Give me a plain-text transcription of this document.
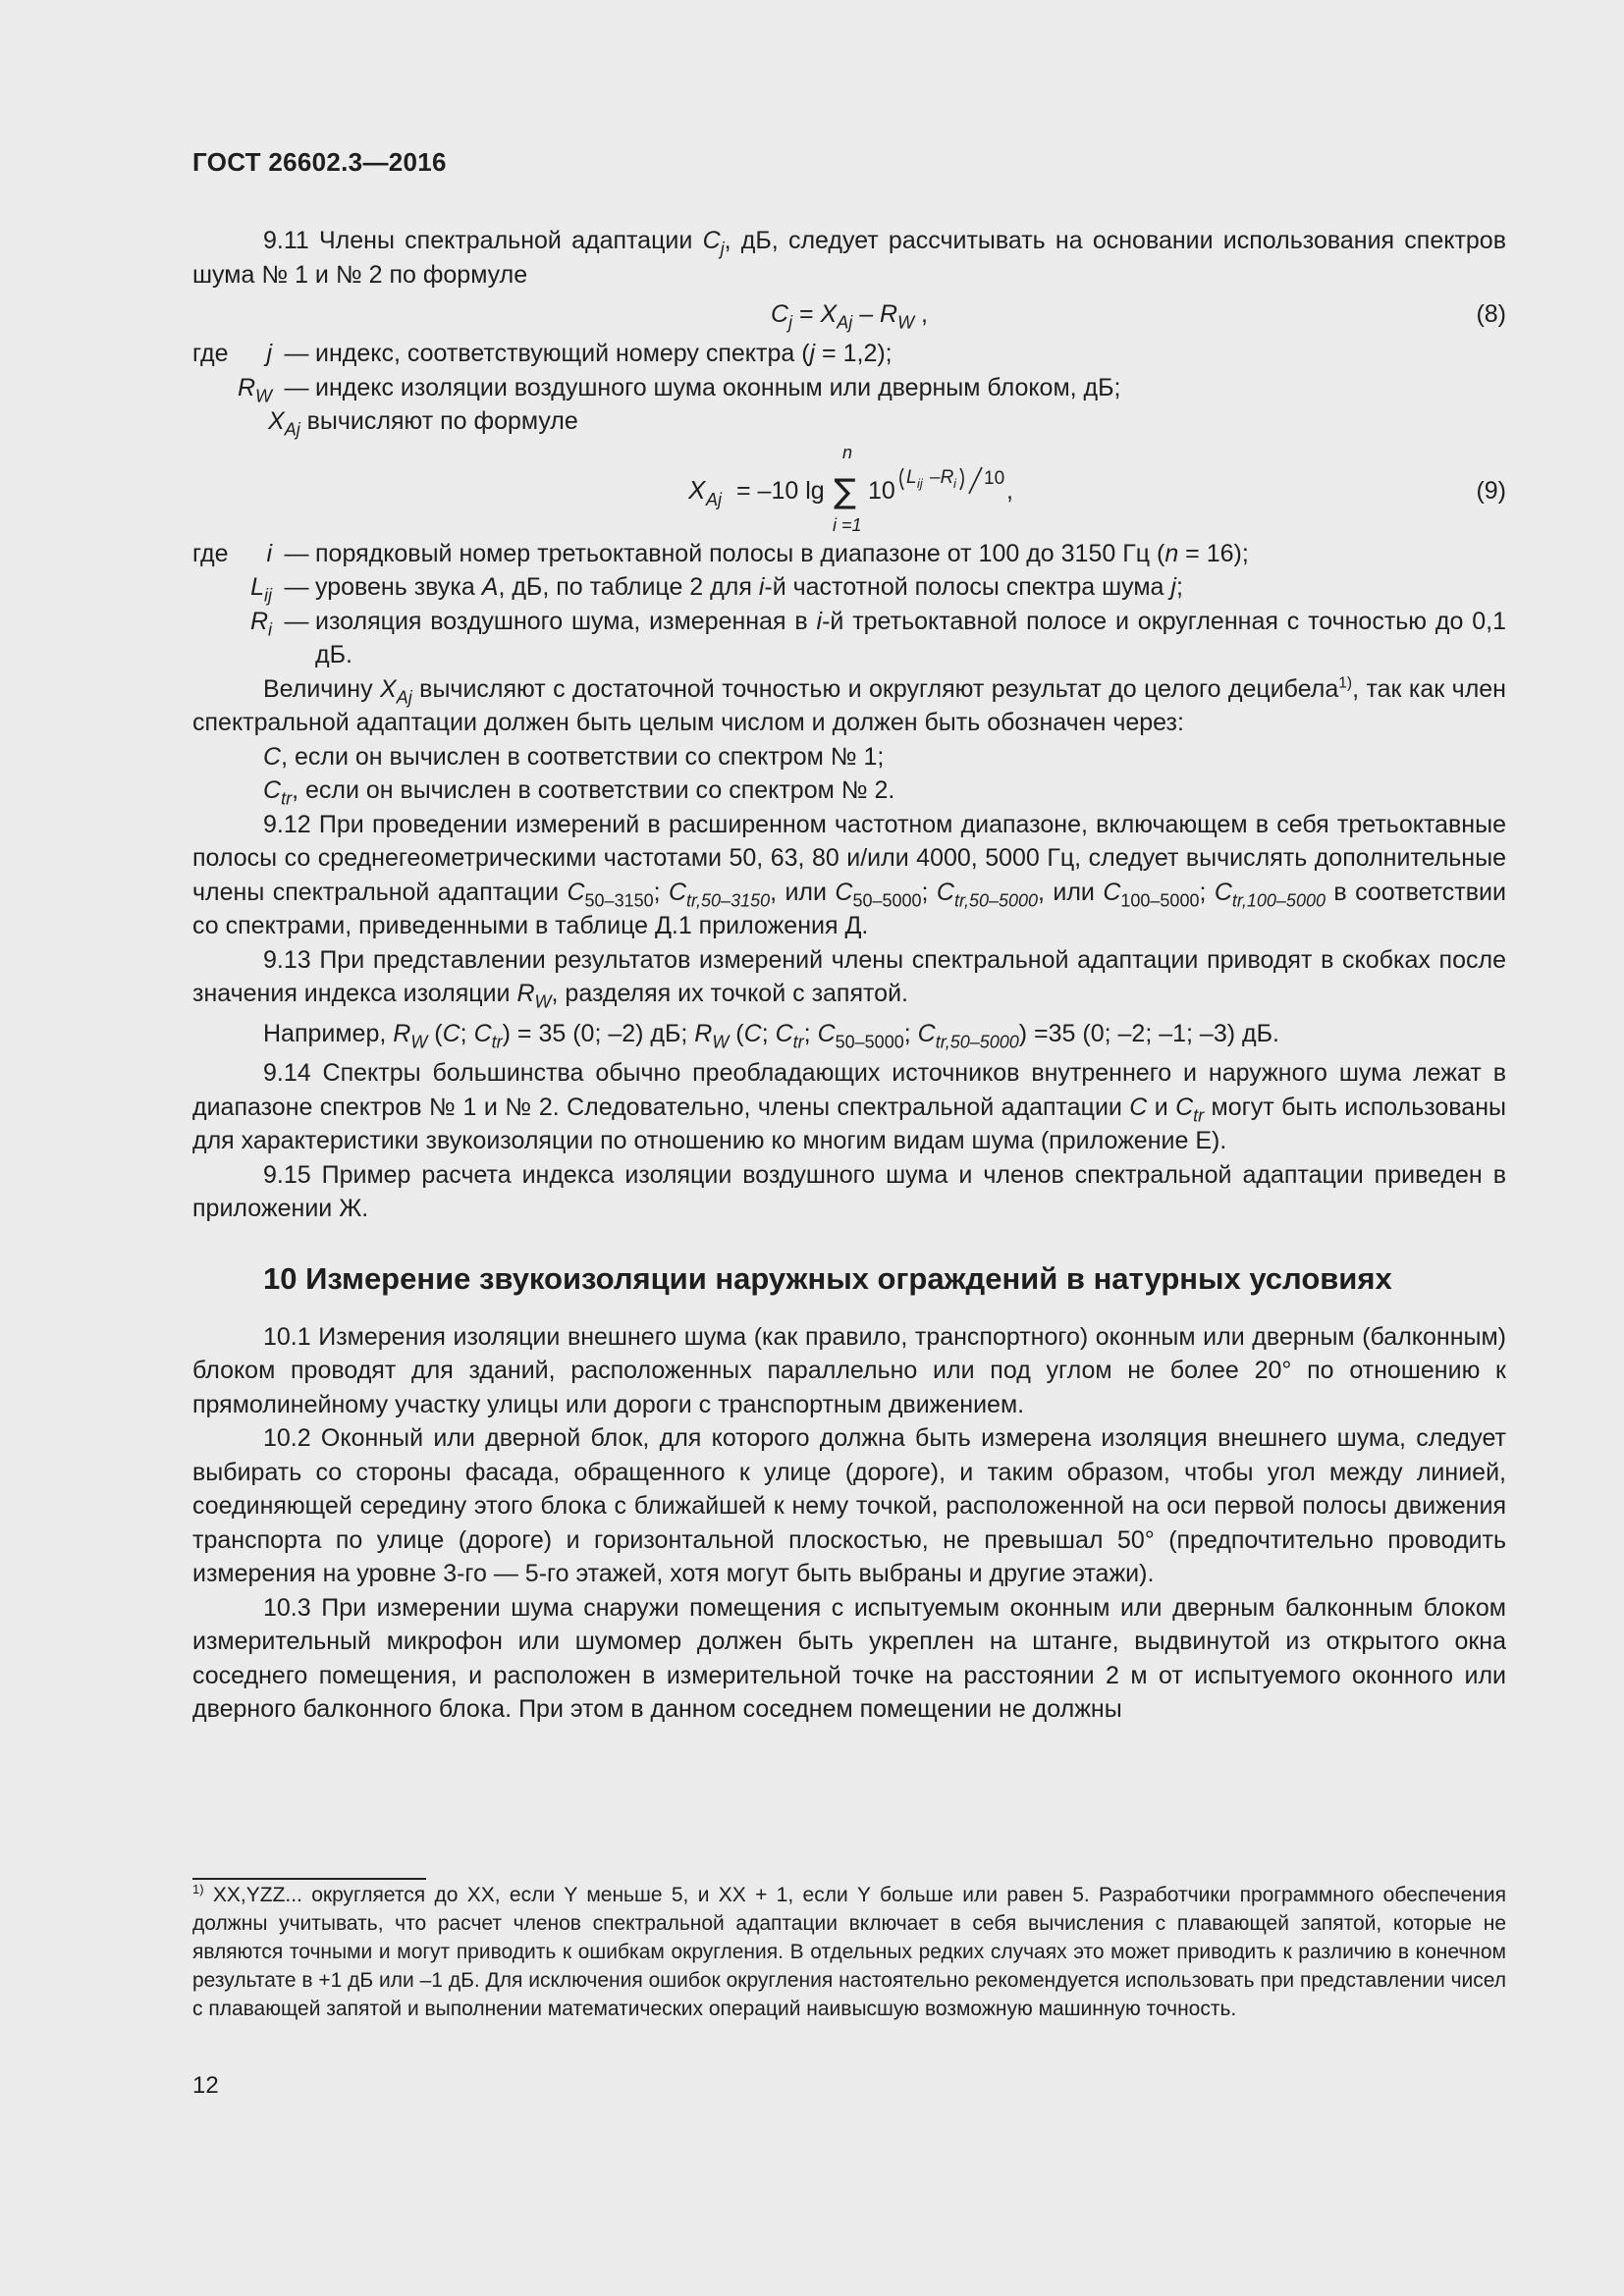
ГОСТ 26602.3—2016

9.11 Члены спектральной адаптации $C_j$, дБ, следует рассчитывать на основании использования спектров шума № 1 и № 2 по формуле

$C_j = X_{Aj} - R_W$ ,	(8)
где	j	—	индекс, соответствующий номеру спектра (j = 1,2);
	$R_W$	—	индекс изоляции воздушного шума оконным или дверным блоком, дБ;
	$X_{Aj}$ вычисляют по формуле		
X Aj = –10 lg
n
∑
i =1
10 L ij –R i 10 ,	(9)
где	i	—	порядковый номер третьоктавной полосы в диапазоне от 100 до 3150 Гц (n = 16);
	$L_{ij}$	—	уровень звука A, дБ, по таблице 2 для i-й частотной полосы спектра шума j;
	$R_i$	—	изоляция воздушного шума, измеренная в i-й третьоктавной полосе и округленная с точностью до 0,1 дБ.

Величину $X_{Aj}$ вычисляют с достаточной точностью и округляют результат до целого децибела$^{1)}$, так как член спектральной адаптации должен быть целым числом и должен быть обозначен через:

C, если он вычислен в соответствии со спектром № 1;

$C_{tr}$, если он вычислен в соответствии со спектром № 2.

9.12 При проведении измерений в расширенном частотном диапазоне, включающем в себя третьоктавные полосы со среднегеометрическими частотами 50, 63, 80 и/или 4000, 5000 Гц, следует вычислять дополнительные члены спектральной адаптации $C_{50-3150}$; $C_{tr,50-3150}$, или $C_{50-5000}$; $C_{tr,50-5000}$, или $C_{100-5000}$; $C_{tr,100-5000}$ в соответствии со спектрами, приведенными в таблице Д.1 приложения Д.

9.13 При представлении результатов измерений члены спектральной адаптации приводят в скобках после значения индекса изоляции $R_W$, разделяя их точкой с запятой.

Например, $R_W$ (C; $C_{tr}) = 35$ (0; –2) дБ; $R_W$ (C; $C_{tr}$; $C_{50-5000}$; $C_{tr,50-5000}) =35$ (0; –2; –1; –3) дБ.

9.14 Спектры большинства обычно преобладающих источников внутреннего и наружного шума лежат в диапазоне спектров № 1 и № 2. Следовательно, члены спектральной адаптации C и $C_{tr}$ могут быть использованы для характеристики звукоизоляции по отношению ко многим видам шума (приложение Е).

9.15 Пример расчета индекса изоляции воздушного шума и членов спектральной адаптации приведен в приложении Ж.

10 Измерение звукоизоляции наружных ограждений в натурных условиях

10.1 Измерения изоляции внешнего шума (как правило, транспортного) оконным или дверным (балконным) блоком проводят для зданий, расположенных параллельно или под углом не более 20° по отношению к прямолинейному участку улицы или дороги с транспортным движением.

10.2 Оконный или дверной блок, для которого должна быть измерена изоляция внешнего шума, следует выбирать со стороны фасада, обращенного к улице (дороге), и таким образом, чтобы угол между линией, соединяющей середину этого блока с ближайшей к нему точкой, расположенной на оси первой полосы движения транспорта по улице (дороге) и горизонтальной плоскостью, не превышал 50° (предпочтительно проводить измерения на уровне 3-го — 5-го этажей, хотя могут быть выбраны и другие этажи).

10.3 При измерении шума снаружи помещения с испытуемым оконным или дверным балконным блоком измерительный микрофон или шумомер должен быть укреплен на штанге, выдвинутой из открытого окна соседнего помещения, и расположен в измерительной точке на расстоянии 2 м от испытуемого оконного или дверного балконного блока. При этом в данном соседнем помещении не должны

$^{1)}$ XX,YZZ... округляется до XX, если Y меньше 5, и XX + 1, если Y больше или равен 5. Разработчики программного обеспечения должны учитывать, что расчет членов спектральной адаптации включает в себя вычисления с плавающей запятой, которые не являются точными и могут приводить к ошибкам округления. В отдельных редких случаях это может приводить к различию в конечном результате в +1 дБ или –1 дБ. Для исключения ошибок округления настоятельно рекомендуется использовать при представлении чисел с плавающей запятой и выполнении математических операций наивысшую возможную машинную точность.
12
